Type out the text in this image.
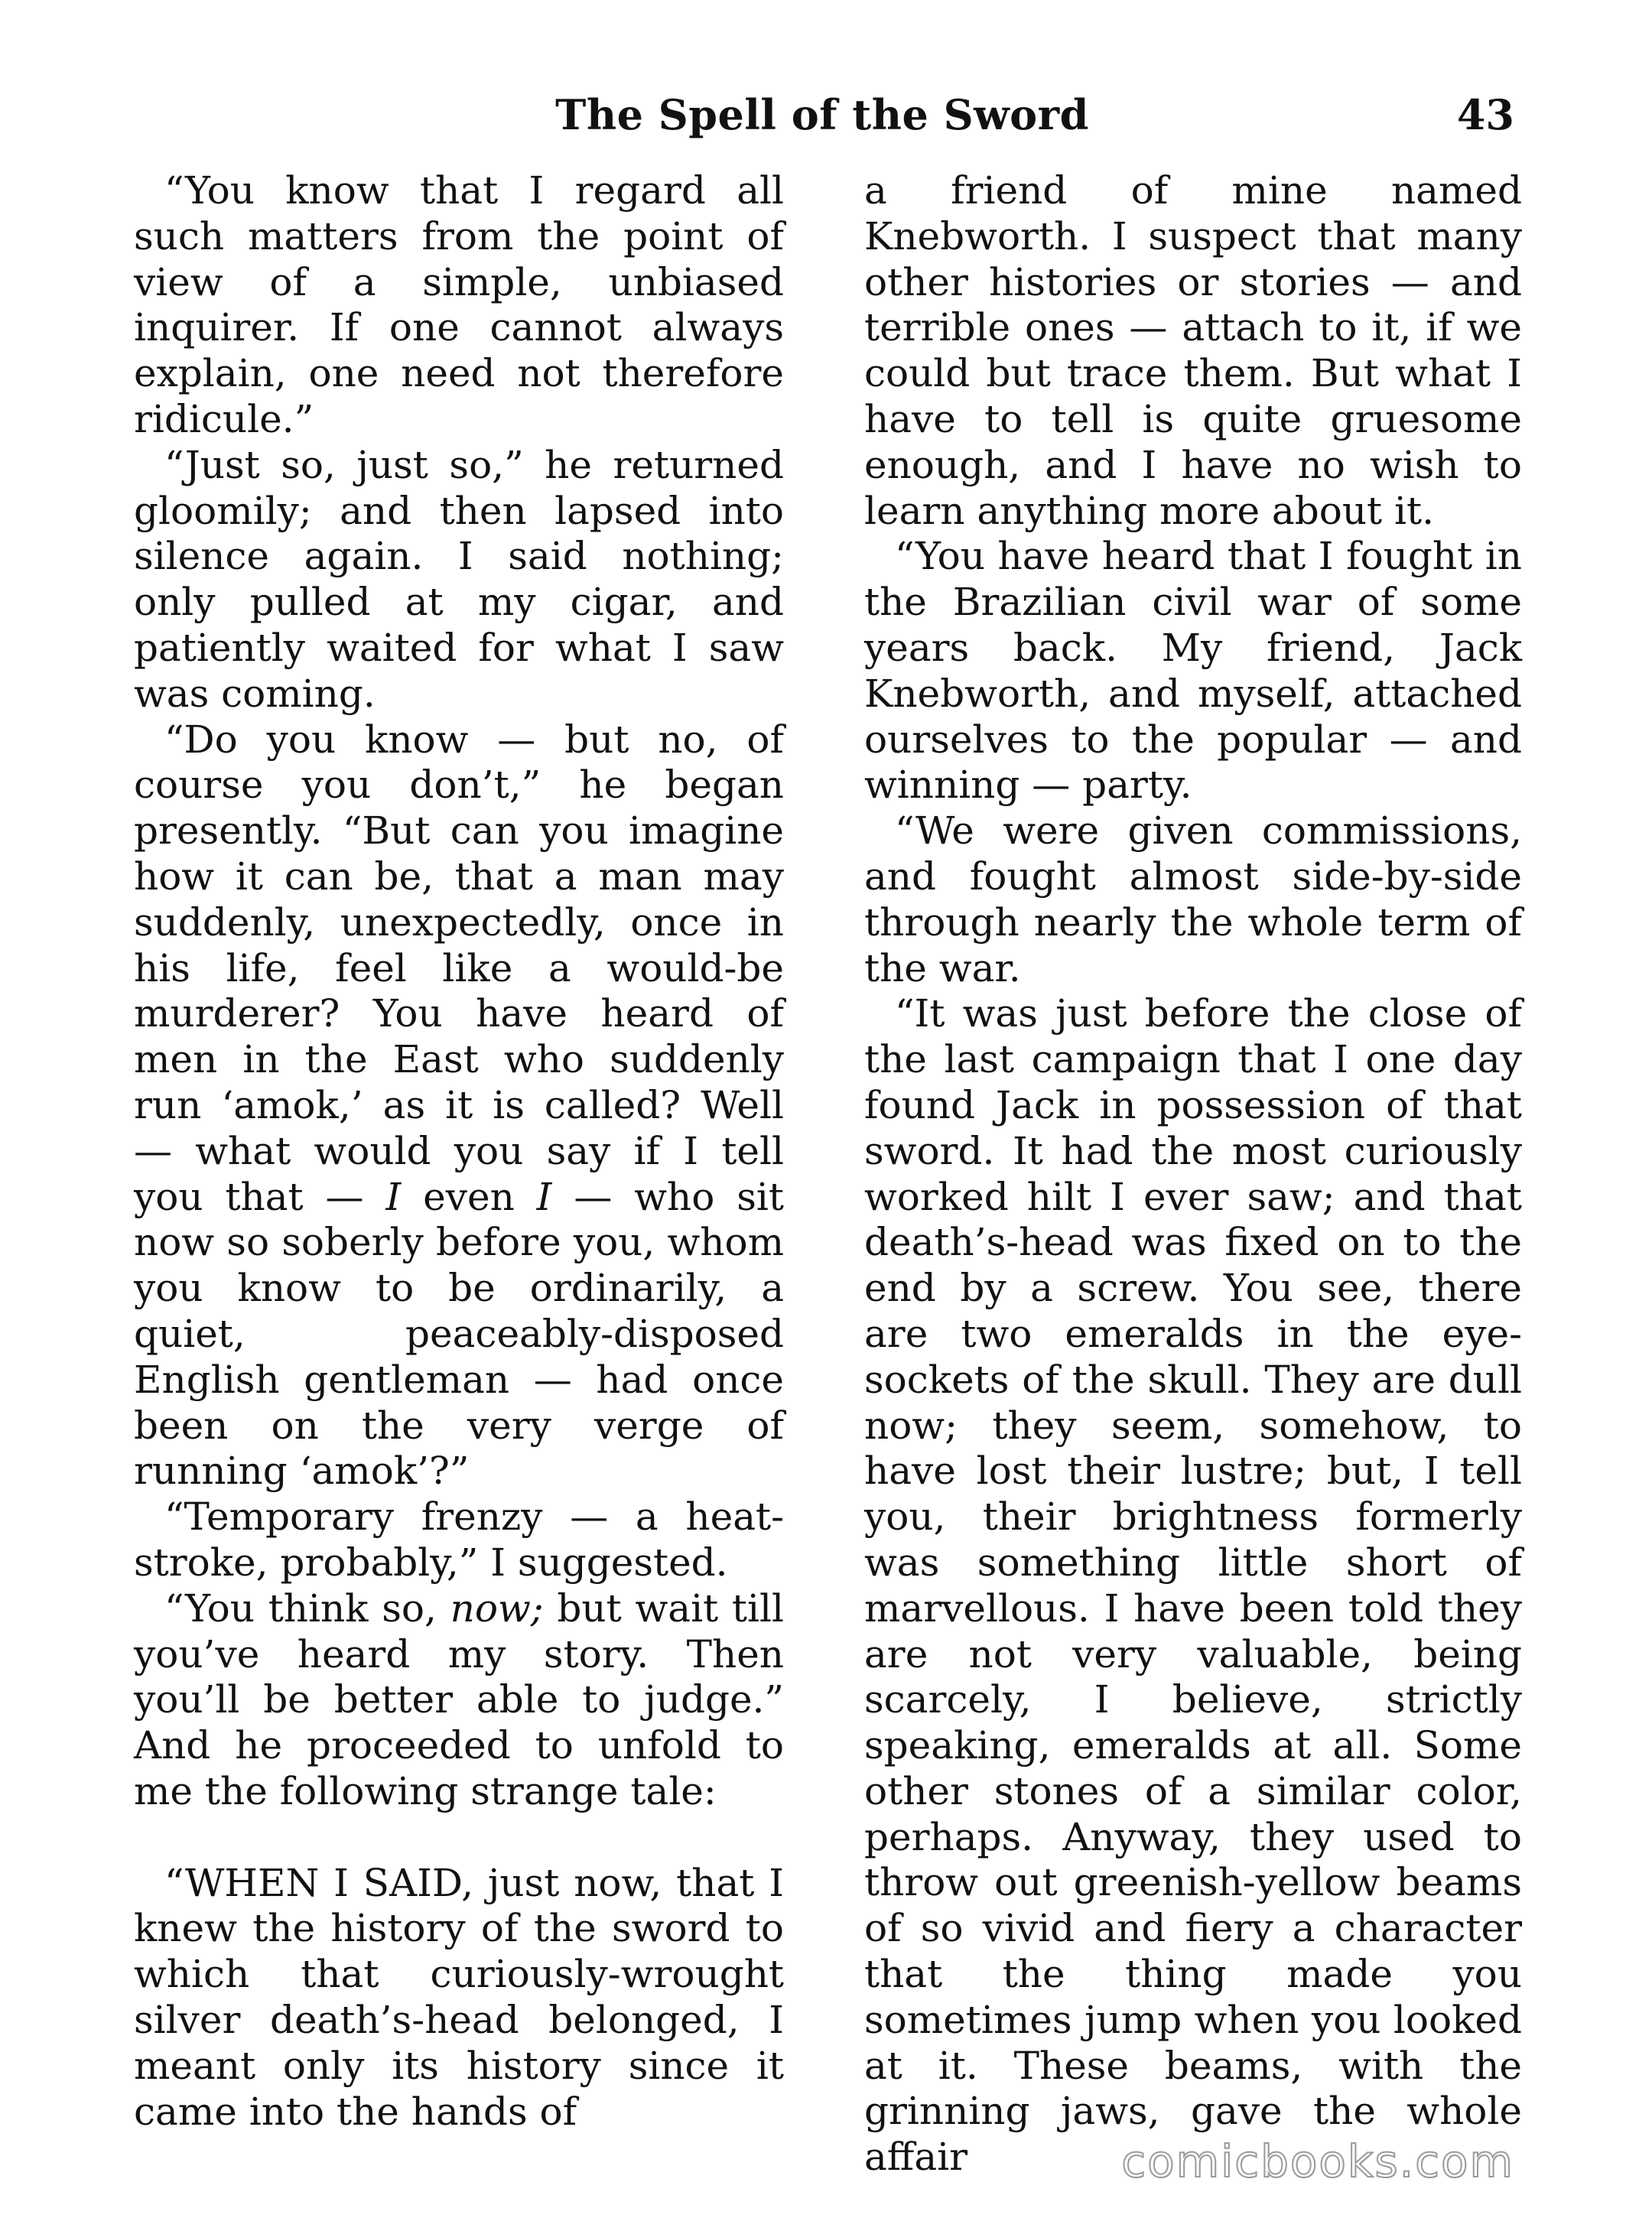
The Spell of the Sword	43

“You know that I regard all such matters from the point of view of a simple, unbiased inquirer. If one cannot always explain, one need not therefore ridicule.”

“Just so, just so,” he returned gloomily; and then lapsed into silence again. I said nothing; only pulled at my cigar, and patiently waited for what I saw was coming.

“Do you know — but no, of course you don’t,” he began presently. “But can you imagine how it can be, that a man may suddenly, unexpectedly, once in his life, feel like a would-be murderer? You have heard of men in the East who suddenly run ‘amok,’ as it is called? Well — what would you say if I tell you that — I even I — who sit now so soberly before you, whom you know to be ordinarily, a quiet, peaceably-disposed English gentleman — had once been on the very verge of running ‘amok’?”

“Temporary frenzy — a heat-stroke, probably,” I suggested.

“You think so, now; but wait till you’ve heard my story. Then you’ll be better able to judge.” And he proceeded to unfold to me the following strange tale:

“WHEN I SAID, just now, that I knew the history of the sword to which that curiously-wrought silver death’s-head belonged, I meant only its history since it came into the hands of

a friend of mine named Knebworth. I suspect that many other histories or stories — and terrible ones — attach to it, if we could but trace them. But what I have to tell is quite gruesome enough, and I have no wish to learn anything more about it.

“You have heard that I fought in the Brazilian civil war of some years back. My friend, Jack Knebworth, and myself, attached ourselves to the popular — and winning — party.

“We were given commissions, and fought almost side-by-side through nearly the whole term of the war.

“It was just before the close of the last campaign that I one day found Jack in possession of that sword. It had the most curiously worked hilt I ever saw; and that death’s-head was fixed on to the end by a screw. You see, there are two emeralds in the eye-sockets of the skull. They are dull now; they seem, somehow, to have lost their lustre; but, I tell you, their brightness formerly was something little short of marvellous. I have been told they are not very valuable, being scarcely, I believe, strictly speaking, emeralds at all. Some other stones of a similar color, perhaps. Anyway, they used to throw out greenish-yellow beams of so vivid and fiery a character that the thing made you sometimes jump when you looked at it. These beams, with the grinning jaws, gave the whole affair	comicbooks.com
